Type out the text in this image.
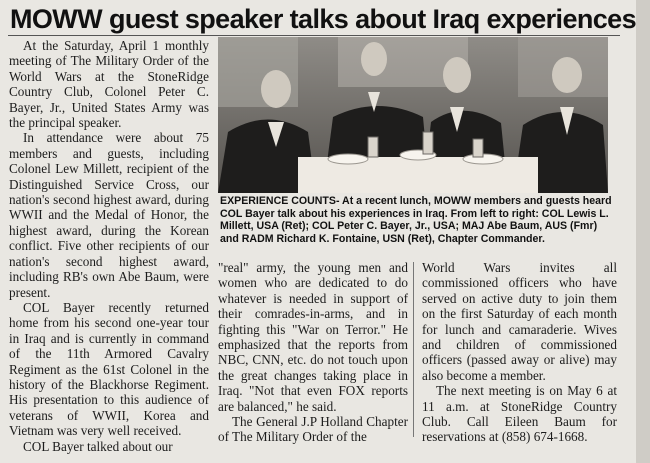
MOWW guest speaker talks about Iraq experiences

At the Saturday, April 1 monthly meeting of The Military Order of the World Wars at the StoneRidge Country Club, Colonel Peter C. Bayer, Jr., United States Army was the principal speaker.

In attendance were about 75 members and guests, including Colonel Lew Millett, recipient of the Distinguished Service Cross, our nation's second highest award, during WWII and the Medal of Honor, the highest award, during the Korean conflict. Five other recipients of our nation's second highest award, including RB's own Abe Baum, were present.

COL Bayer recently returned home from his second one-year tour in Iraq and is currently in command of the 11th Armored Cavalry Regiment as the 61st Colonel in the history of the Blackhorse Regiment. His presentation to this audience of veterans of WWII, Korea and Vietnam was very well received.

COL Bayer talked about our

EXPERIENCE COUNTS- At a recent lunch, MOWW members and guests heard COL Bayer talk about his experiences in Iraq. From left to right: COL Lewis L. Millett, USA (Ret); COL Peter C. Bayer, Jr., USA; MAJ Abe Baum, AUS (Fmr) and RADM Richard K. Fontaine, USN (Ret), Chapter Commander.

"real" army, the young men and women who are dedicated to do whatever is needed in support of their comrades-in-arms, and in fighting this "War on Terror." He emphasized that the reports from NBC, CNN, etc. do not touch upon the great changes taking place in Iraq. "Not that even FOX reports are balanced," he said.

The General J.P Holland Chapter of The Military Order of the

World Wars invites all commissioned officers who have served on active duty to join them on the first Saturday of each month for lunch and camaraderie. Wives and children of commissioned officers (passed away or alive) may also become a member.

The next meeting is on May 6 at 11 a.m. at StoneRidge Country Club. Call Eileen Baum for reservations at (858) 674-1668.
